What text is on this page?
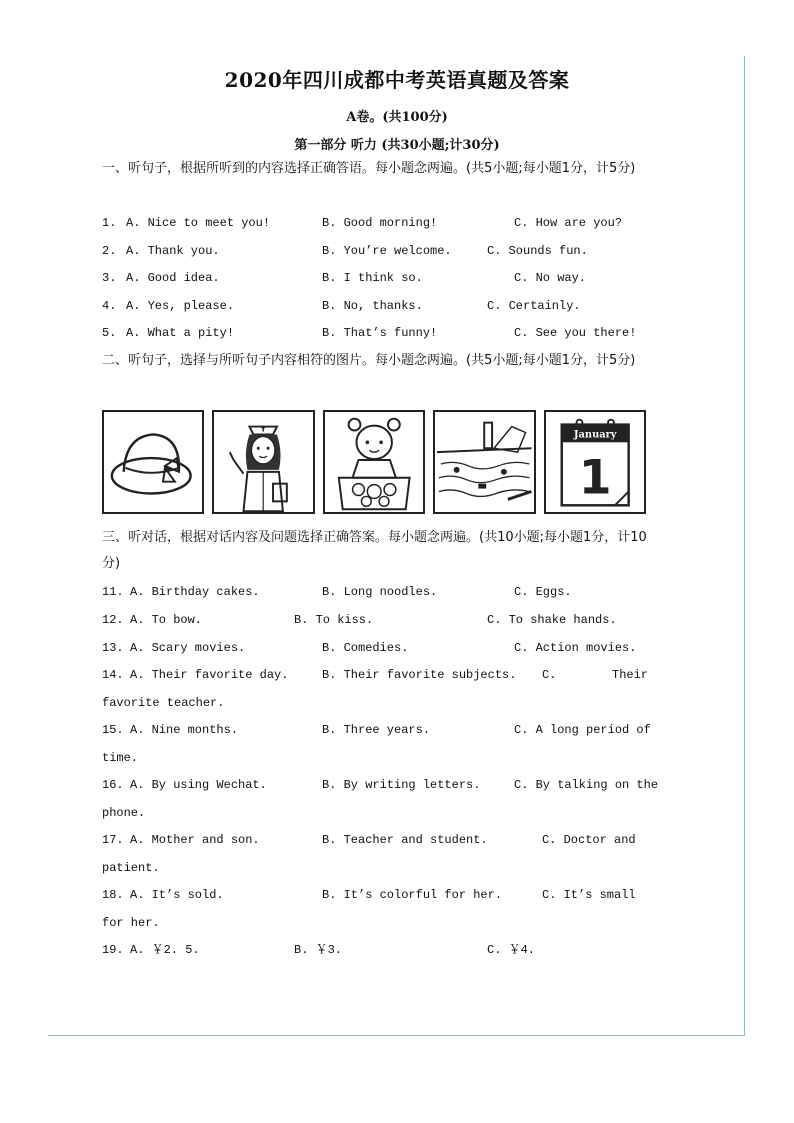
2020年四川成都中考英语真题及答案
A卷。(共100分)
第一部分 听力 (共30小题;计30分)
一、听句子，根据所听到的内容选择正确答语。每小题念两遍。(共5小题;每小题1分，计5分)
1. A. Nice to meet you!	B. Good morning!	C. How are you?
2. A. Thank you.	B. You’re welcome.	C. Sounds fun.
3. A. Good idea.	B. I think so.	C. No way.
4. A. Yes, please.	B. No, thanks.	C. Certainly.
5. A. What a pity!	B. That’s funny!	C. See you there!
二、听句子，选择与所听句子内容相符的图片。每小题念两遍。(共5小题;每小题1分，计5分)
January
1
三、听对话，根据对话内容及问题选择正确答案。每小题念两遍。(共10小题;每小题1分，计10分)
11. A. Birthday cakes.	B. Long noodles.	C. Eggs.
12. A. To bow.	B. To kiss.	C. To shake hands.
13. A. Scary movies.	B. Comedies.	C. Action movies.
14. A. Their favorite day.	B. Their favorite subjects. C.	Their
favorite teacher.
15. A. Nine months.	B. Three years.	C. A long period of
time.
16. A. By using Wechat.	B. By writing letters.	C. By talking on the
phone.
17. A. Mother and son.	B. Teacher and student.	C. Doctor and
patient.
18. A. It’s sold.	B. It’s colorful for her.	C. It’s small
for her.
19. A. ￥2. 5.	B. ￥3.	C. ￥4.
